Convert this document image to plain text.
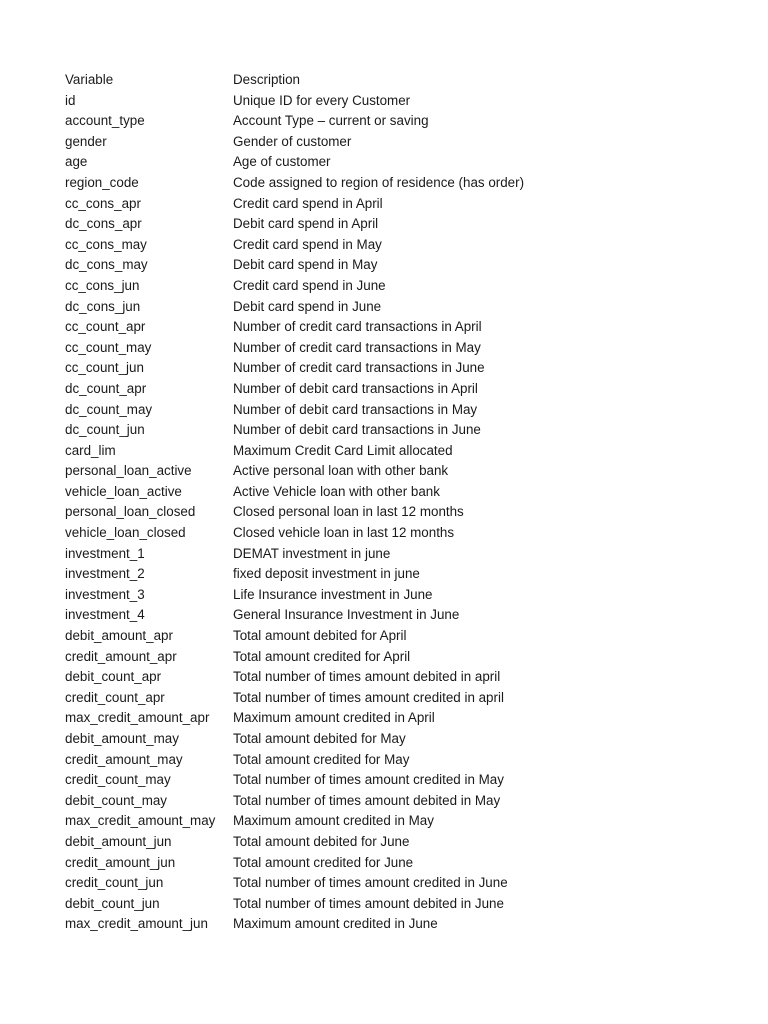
Variable	Description
id	Unique ID for every Customer
account_type	Account Type – current or saving
gender	Gender of customer
age	Age of customer
region_code	Code assigned to region of residence (has order)
cc_cons_apr	Credit card spend in April
dc_cons_apr	Debit card spend in April
cc_cons_may	Credit card spend in May
dc_cons_may	Debit card spend in May
cc_cons_jun	Credit card spend in June
dc_cons_jun	Debit card spend in June
cc_count_apr	Number of credit card transactions in April
cc_count_may	Number of credit card transactions in May
cc_count_jun	Number of credit card transactions in June
dc_count_apr	Number of debit card transactions in April
dc_count_may	Number of debit card transactions in May
dc_count_jun	Number of debit card transactions in June
card_lim	Maximum Credit Card Limit allocated
personal_loan_active	Active personal loan with other bank
vehicle_loan_active	Active Vehicle loan with other bank
personal_loan_closed	Closed personal loan in last 12 months
vehicle_loan_closed	Closed vehicle loan in last 12 months
investment_1	DEMAT investment in june
investment_2	fixed deposit investment in june
investment_3	Life Insurance investment in June
investment_4	General Insurance Investment in June
debit_amount_apr	Total amount debited for April
credit_amount_apr	Total amount credited for April
debit_count_apr	Total number of times amount debited in april
credit_count_apr	Total number of times amount credited in april
max_credit_amount_apr	Maximum amount credited in April
debit_amount_may	Total amount debited for May
credit_amount_may	Total amount credited for May
credit_count_may	Total number of times amount credited in May
debit_count_may	Total number of times amount debited in May
max_credit_amount_may	Maximum amount credited in May
debit_amount_jun	Total amount debited for June
credit_amount_jun	Total amount credited for June
credit_count_jun	Total number of times amount credited in June
debit_count_jun	Total number of times amount debited in June
max_credit_amount_jun	Maximum amount credited in June
